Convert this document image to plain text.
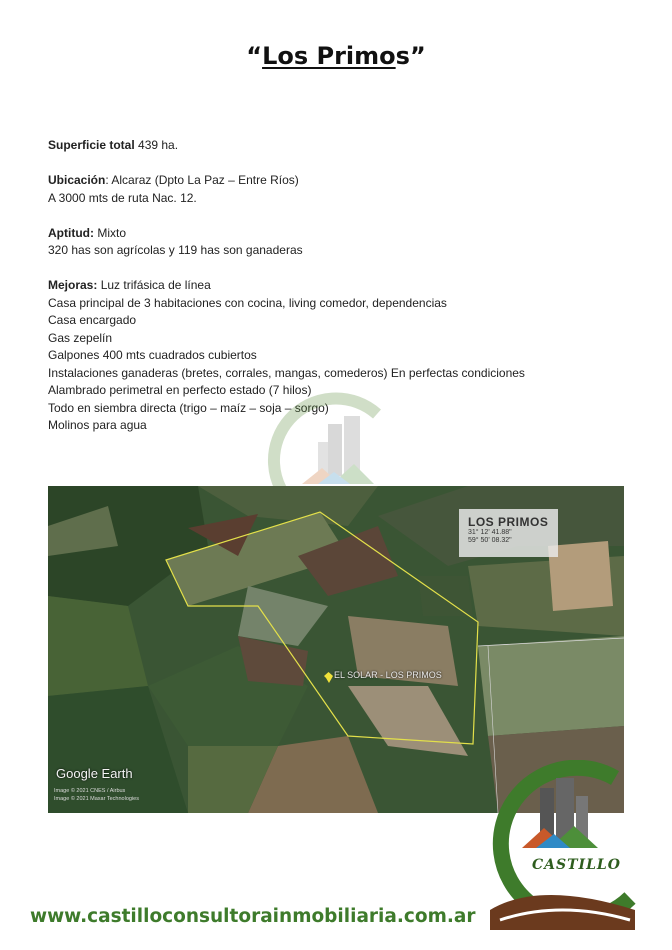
“Los Primos”

Superficie total 439 ha.

Ubicación: Alcaraz (Dpto La Paz – Entre Ríos)

A 3000 mts de ruta Nac. 12.

Aptitud: Mixto

320 has son agrícolas y 119 has son ganaderas

Mejoras: Luz trifásica de línea

Casa principal de 3 habitaciones con cocina, living comedor, dependencias

Casa encargado

Gas zepelín

Galpones 400 mts cuadrados cubiertos

Instalaciones ganaderas (bretes, corrales, mangas, comederos) En perfectas condiciones

Alambrado perimetral en perfecto estado (7 hilos)

Todo en siembra directa (trigo – maíz – soja – sorgo)

Molinos para agua

LOS PRIMOS
31° 12' 41.88"
59° 50' 08.32"
EL SOLAR - LOS PRIMOS
Google Earth
Image © 2021 CNES / Airbus
Image © 2021 Maxar Technologies
CASTILLO
www.castilloconsultorainmobiliaria.com.ar
